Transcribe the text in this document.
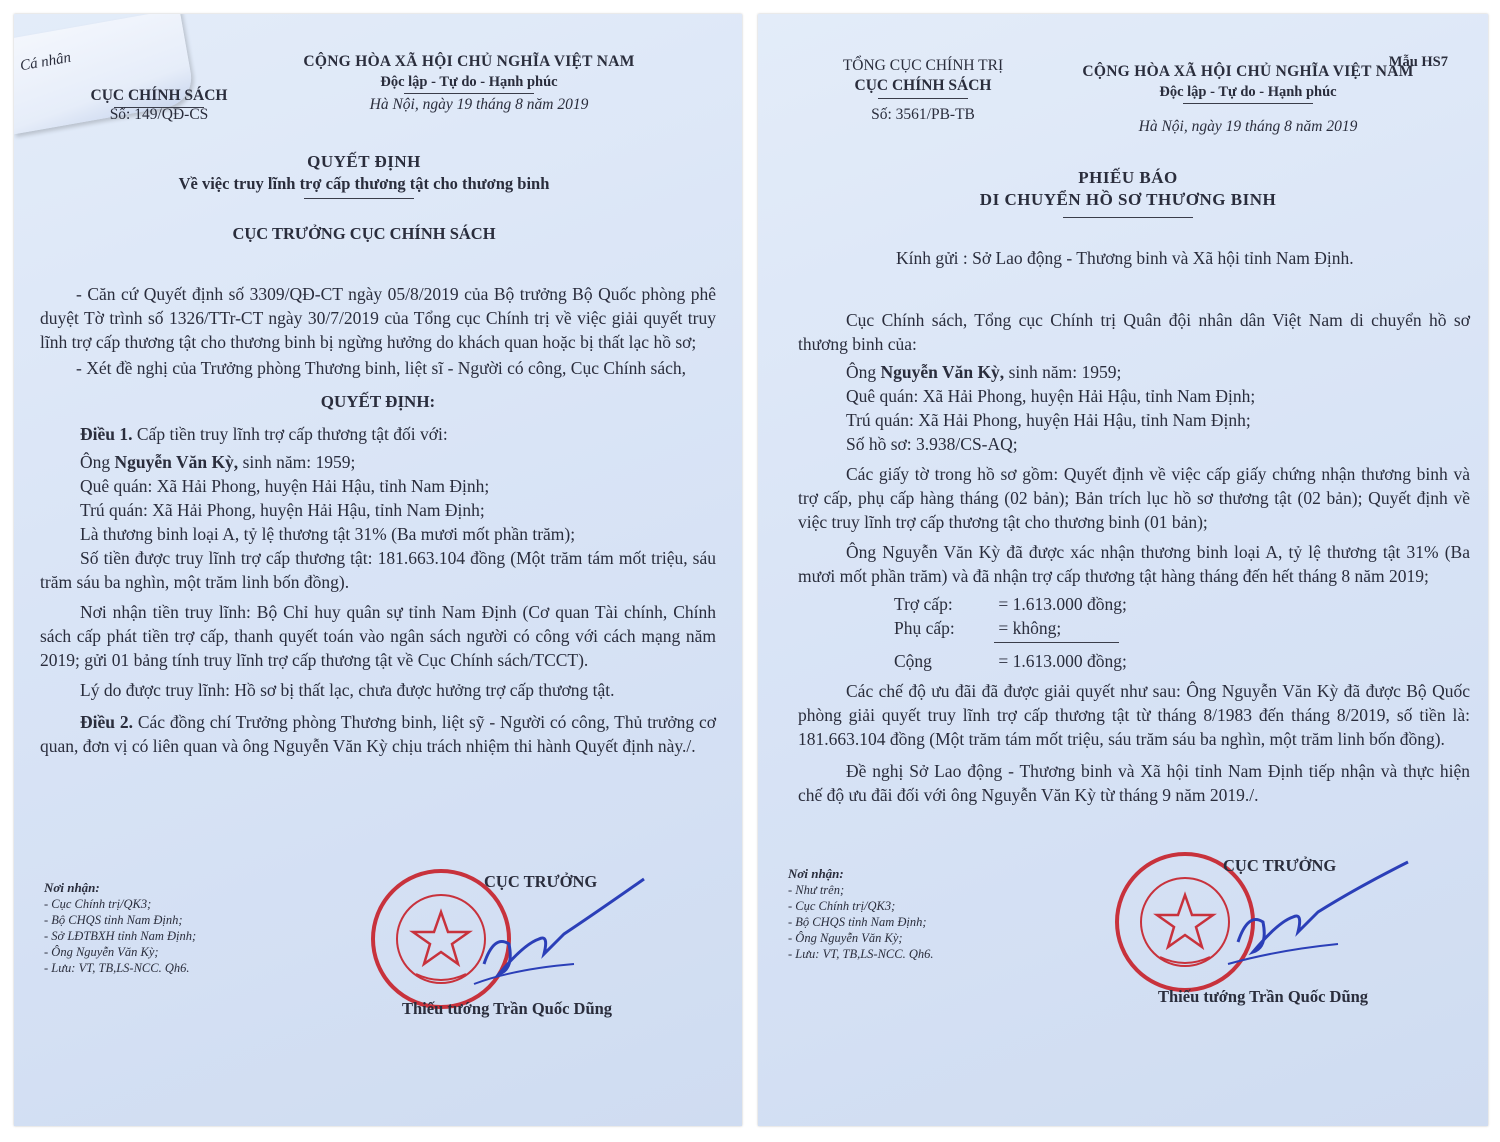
Cá nhân
CỤC CHÍNH SÁCH
Số: 149/QĐ-CS
CỘNG HÒA XÃ HỘI CHỦ NGHĨA VIỆT NAM
Độc lập - Tự do - Hạnh phúc
Hà Nội, ngày 19 tháng 8 năm 2019
QUYẾT ĐỊNH
Về việc truy lĩnh trợ cấp thương tật cho thương binh
CỤC TRƯỞNG CỤC CHÍNH SÁCH

- Căn cứ Quyết định số 3309/QĐ-CT ngày 05/8/2019 của Bộ trưởng Bộ Quốc phòng phê duyệt Tờ trình số 1326/TTr-CT ngày 30/7/2019 của Tổng cục Chính trị về việc giải quyết truy lĩnh trợ cấp thương tật cho thương binh bị ngừng hưởng do khách quan hoặc bị thất lạc hồ sơ;

- Xét đề nghị của Trưởng phòng Thương binh, liệt sĩ - Người có công, Cục Chính sách,

QUYẾT ĐỊNH:
Điều 1. Cấp tiền truy lĩnh trợ cấp thương tật đối với:
Ông Nguyễn Văn Kỳ, sinh năm: 1959;
Quê quán: Xã Hải Phong, huyện Hải Hậu, tỉnh Nam Định;
Trú quán: Xã Hải Phong, huyện Hải Hậu, tỉnh Nam Định;
Là thương binh loại A, tỷ lệ thương tật 31% (Ba mươi mốt phần trăm);

Số tiền được truy lĩnh trợ cấp thương tật: 181.663.104 đồng (Một trăm tám mốt triệu, sáu trăm sáu ba nghìn, một trăm linh bốn đồng).

Nơi nhận tiền truy lĩnh: Bộ Chỉ huy quân sự tỉnh Nam Định (Cơ quan Tài chính, Chính sách cấp phát tiền trợ cấp, thanh quyết toán vào ngân sách người có công với cách mạng năm 2019; gửi 01 bảng tính truy lĩnh trợ cấp thương tật về Cục Chính sách/TCCT).

Lý do được truy lĩnh: Hồ sơ bị thất lạc, chưa được hưởng trợ cấp thương tật.

Điều 2. Các đồng chí Trưởng phòng Thương binh, liệt sỹ - Người có công, Thủ trưởng cơ quan, đơn vị có liên quan và ông Nguyễn Văn Kỳ chịu trách nhiệm thi hành Quyết định này./.
Nơi nhận:
- Cục Chính trị/QK3;
- Bộ CHQS tỉnh Nam Định;
- Sở LĐTBXH tỉnh Nam Định;
- Ông Nguyễn Văn Kỳ;
- Lưu: VT, TB,LS-NCC. Qh6.
CỤC TRƯỞNG
Thiếu tướng Trần Quốc Dũng
Mẫu HS7
TỔNG CỤC CHÍNH TRỊ
CỤC CHÍNH SÁCH
Số: 3561/PB-TB
CỘNG HÒA XÃ HỘI CHỦ NGHĨA VIỆT NAM
Độc lập - Tự do - Hạnh phúc
Hà Nội, ngày 19 tháng 8 năm 2019
PHIẾU BÁO
DI CHUYỂN HỒ SƠ THƯƠNG BINH
Kính gửi : Sở Lao động - Thương binh và Xã hội tỉnh Nam Định.

Cục Chính sách, Tổng cục Chính trị Quân đội nhân dân Việt Nam di chuyển hồ sơ thương binh của:

Ông Nguyễn Văn Kỳ, sinh năm: 1959;
Quê quán: Xã Hải Phong, huyện Hải Hậu, tỉnh Nam Định;
Trú quán: Xã Hải Phong, huyện Hải Hậu, tỉnh Nam Định;
Số hồ sơ: 3.938/CS-AQ;

Các giấy tờ trong hồ sơ gồm: Quyết định về việc cấp giấy chứng nhận thương binh và trợ cấp, phụ cấp hàng tháng (02 bản); Bản trích lục hồ sơ thương tật (02 bản); Quyết định về việc truy lĩnh trợ cấp thương tật cho thương binh (01 bản);

Ông Nguyễn Văn Kỳ đã được xác nhận thương binh loại A, tỷ lệ thương tật 31% (Ba mươi mốt phần trăm) và đã nhận trợ cấp thương tật hàng tháng đến hết tháng 8 năm 2019;

Trợ cấp:	= 1.613.000 đồng;
Phụ cấp: = không;
Cộng	= 1.613.000 đồng;

Các chế độ ưu đãi đã được giải quyết như sau: Ông Nguyễn Văn Kỳ đã được Bộ Quốc phòng giải quyết truy lĩnh trợ cấp thương tật từ tháng 8/1983 đến tháng 8/2019, số tiền là: 181.663.104 đồng (Một trăm tám mốt triệu, sáu trăm sáu ba nghìn, một trăm linh bốn đồng).

Đề nghị Sở Lao động - Thương binh và Xã hội tỉnh Nam Định tiếp nhận và thực hiện chế độ ưu đãi đối với ông Nguyễn Văn Kỳ từ tháng 9 năm 2019./.

Nơi nhận:
- Như trên;
- Cục Chính trị/QK3;
- Bộ CHQS tỉnh Nam Định;
- Ông Nguyễn Văn Kỳ;
- Lưu: VT, TB,LS-NCC. Qh6.
CỤC TRƯỞNG
Thiếu tướng Trần Quốc Dũng
